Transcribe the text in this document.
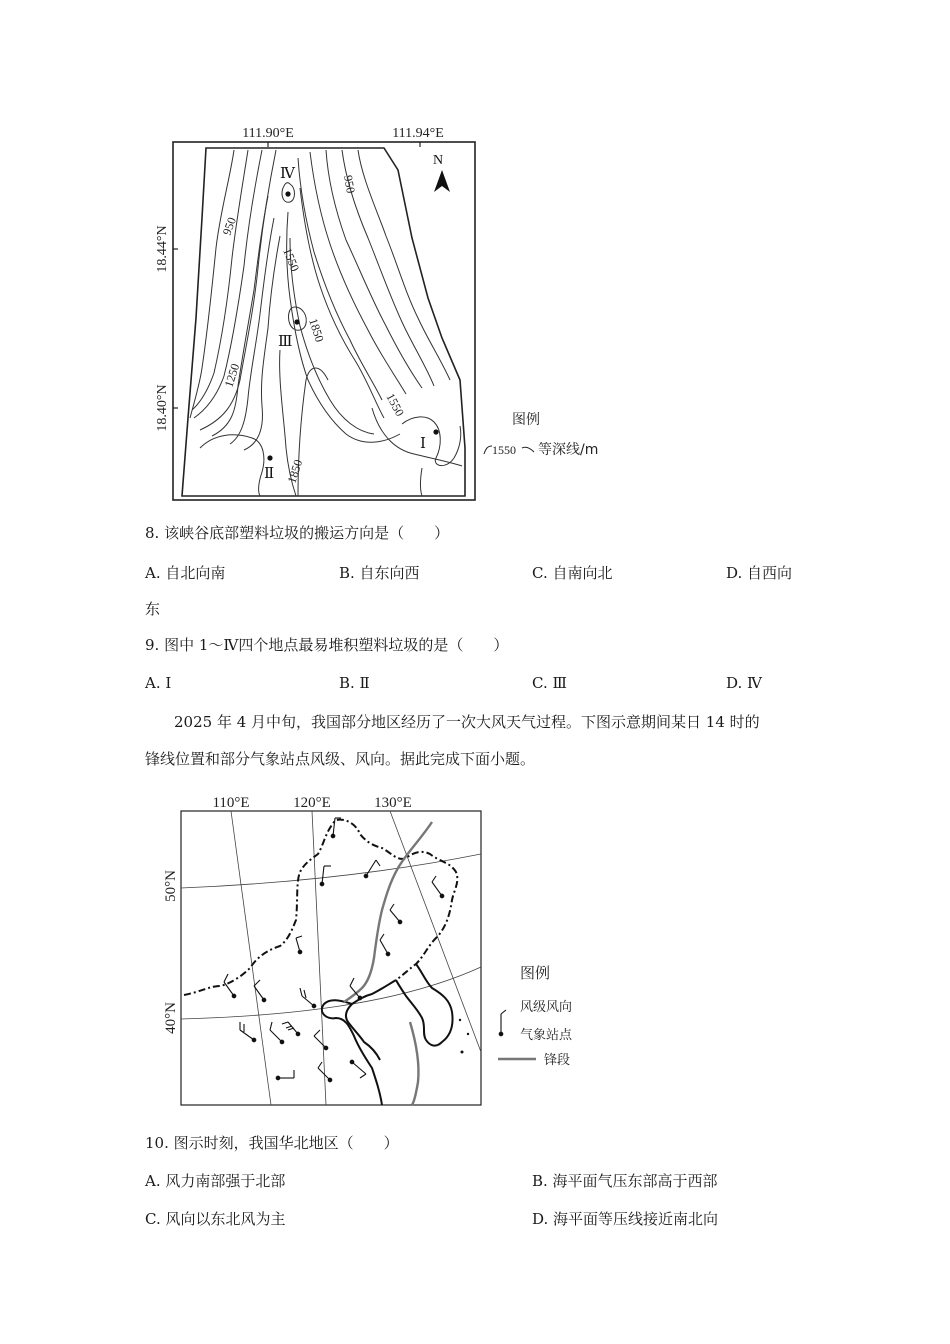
111.90°E	111.94°E
18.44°N
18.40°N
950
950
1250
1550
1850
1550
1850
Ⅳ
Ⅲ
Ⅱ
Ⅰ
N
图例
1550 等深线/m
8. 该峡谷底部塑料垃圾的搬运方向是（　　）
A. 自北向南	B. 自东向西	C. 自南向北	D. 自西向
东
9. 图中 1～Ⅳ四个地点最易堆积塑料垃圾的是（　　）
A. Ⅰ	B. Ⅱ	C. Ⅲ	D. Ⅳ
2025 年 4 月中旬，我国部分地区经历了一次大风天气过程。下图示意期间某日 14 时的
锋线位置和部分气象站点风级、风向。据此完成下面小题。
110°E	120°E	130°E
50°N
40°N
图例
风级风向
气象站点
锋段
10. 图示时刻，我国华北地区（　　）
A. 风力南部强于北部	B. 海平面气压东部高于西部
C. 风向以东北风为主	D. 海平面等压线接近南北向
